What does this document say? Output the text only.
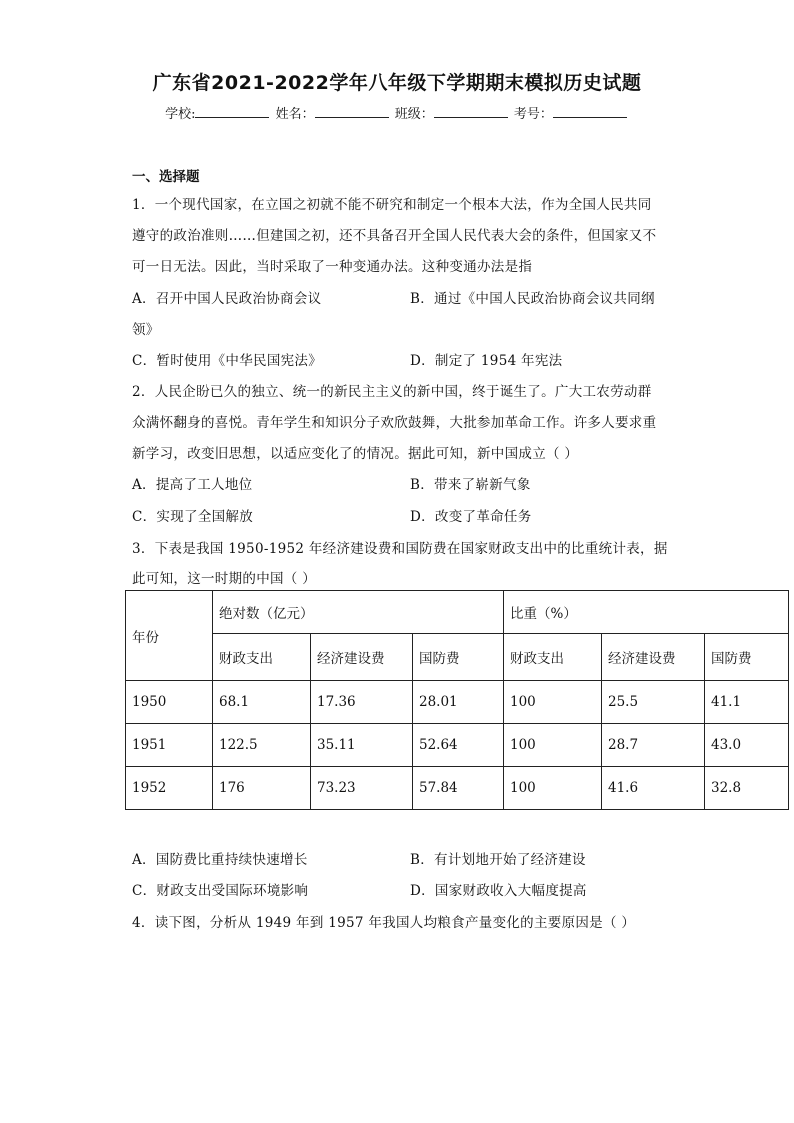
广东省2021-2022学年八年级下学期期末模拟历史试题
学校:	姓名：	班级：	考号：
一、选择题
1．一个现代国家，在立国之初就不能不研究和制定一个根本大法，作为全国人民共同
遵守的政治准则……但建国之初，还不具备召开全国人民代表大会的条件，但国家又不
可一日无法。因此，当时采取了一种变通办法。这种变通办法是指
A．召开中国人民政治协商会议	B．通过《中国人民政治协商会议共同纲
领》
C．暂时使用《中华民国宪法》	D．制定了 1954 年宪法
2．人民企盼已久的独立、统一的新民主主义的新中国，终于诞生了。广大工农劳动群
众满怀翻身的喜悦。青年学生和知识分子欢欣鼓舞，大批参加革命工作。许多人要求重
新学习，改变旧思想，以适应变化了的情况。据此可知，新中国成立（ ）
A．提高了工人地位	B．带来了崭新气象
C．实现了全国解放	D．改变了革命任务
3．下表是我国 1950-1952 年经济建设费和国防费在国家财政支出中的比重统计表，据
此可知，这一时期的中国（ ）
年份	绝对数（亿元）			比重（%）		
	财政支出	经济建设费	国防费	财政支出	经济建设费	国防费
1950	68.1	17.36	28.01	100	25.5	41.1
1951	122.5	35.11	52.64	100	28.7	43.0
1952	176	73.23	57.84	100	41.6	32.8
A．国防费比重持续快速增长	B．有计划地开始了经济建设
C．财政支出受国际环境影响	D．国家财政收入大幅度提高
4．读下图，分析从 1949 年到 1957 年我国人均粮食产量变化的主要原因是（ ）
